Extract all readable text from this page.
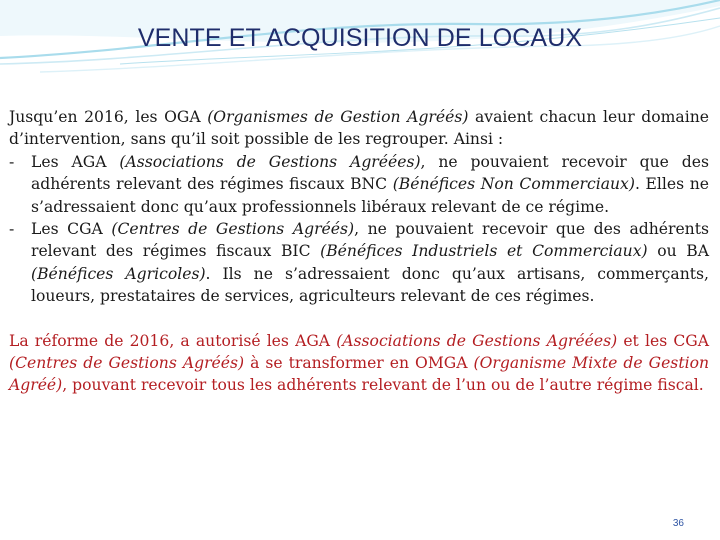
VENTE ET ACQUISITION DE LOCAUX

Jusqu’en 2016, les OGA (Organismes de Gestion Agréés) avaient chacun leur domaine d’intervention, sans qu’il soit possible de les regrouper. Ainsi :

- Les AGA (Associations de Gestions Agréées), ne pouvaient recevoir que des adhérents relevant des régimes fiscaux BNC (Bénéfices Non Commerciaux). Elles ne s’adressaient donc qu’aux professionnels libéraux relevant de ce régime.
- Les CGA (Centres de Gestions Agréés), ne pouvaient recevoir que des adhérents relevant des régimes fiscaux BIC (Bénéfices Industriels et Commerciaux) ou BA (Bénéfices Agricoles). Ils ne s’adressaient donc qu’aux artisans, commerçants, loueurs, prestataires de services, agriculteurs relevant de ces régimes.

La réforme de 2016, a autorisé les AGA (Associations de Gestions Agréées) et les CGA (Centres de Gestions Agréés) à se transformer en OMGA (Organisme Mixte de Gestion Agréé), pouvant recevoir tous les adhérents relevant de l’un ou de l’autre régime fiscal.

36
